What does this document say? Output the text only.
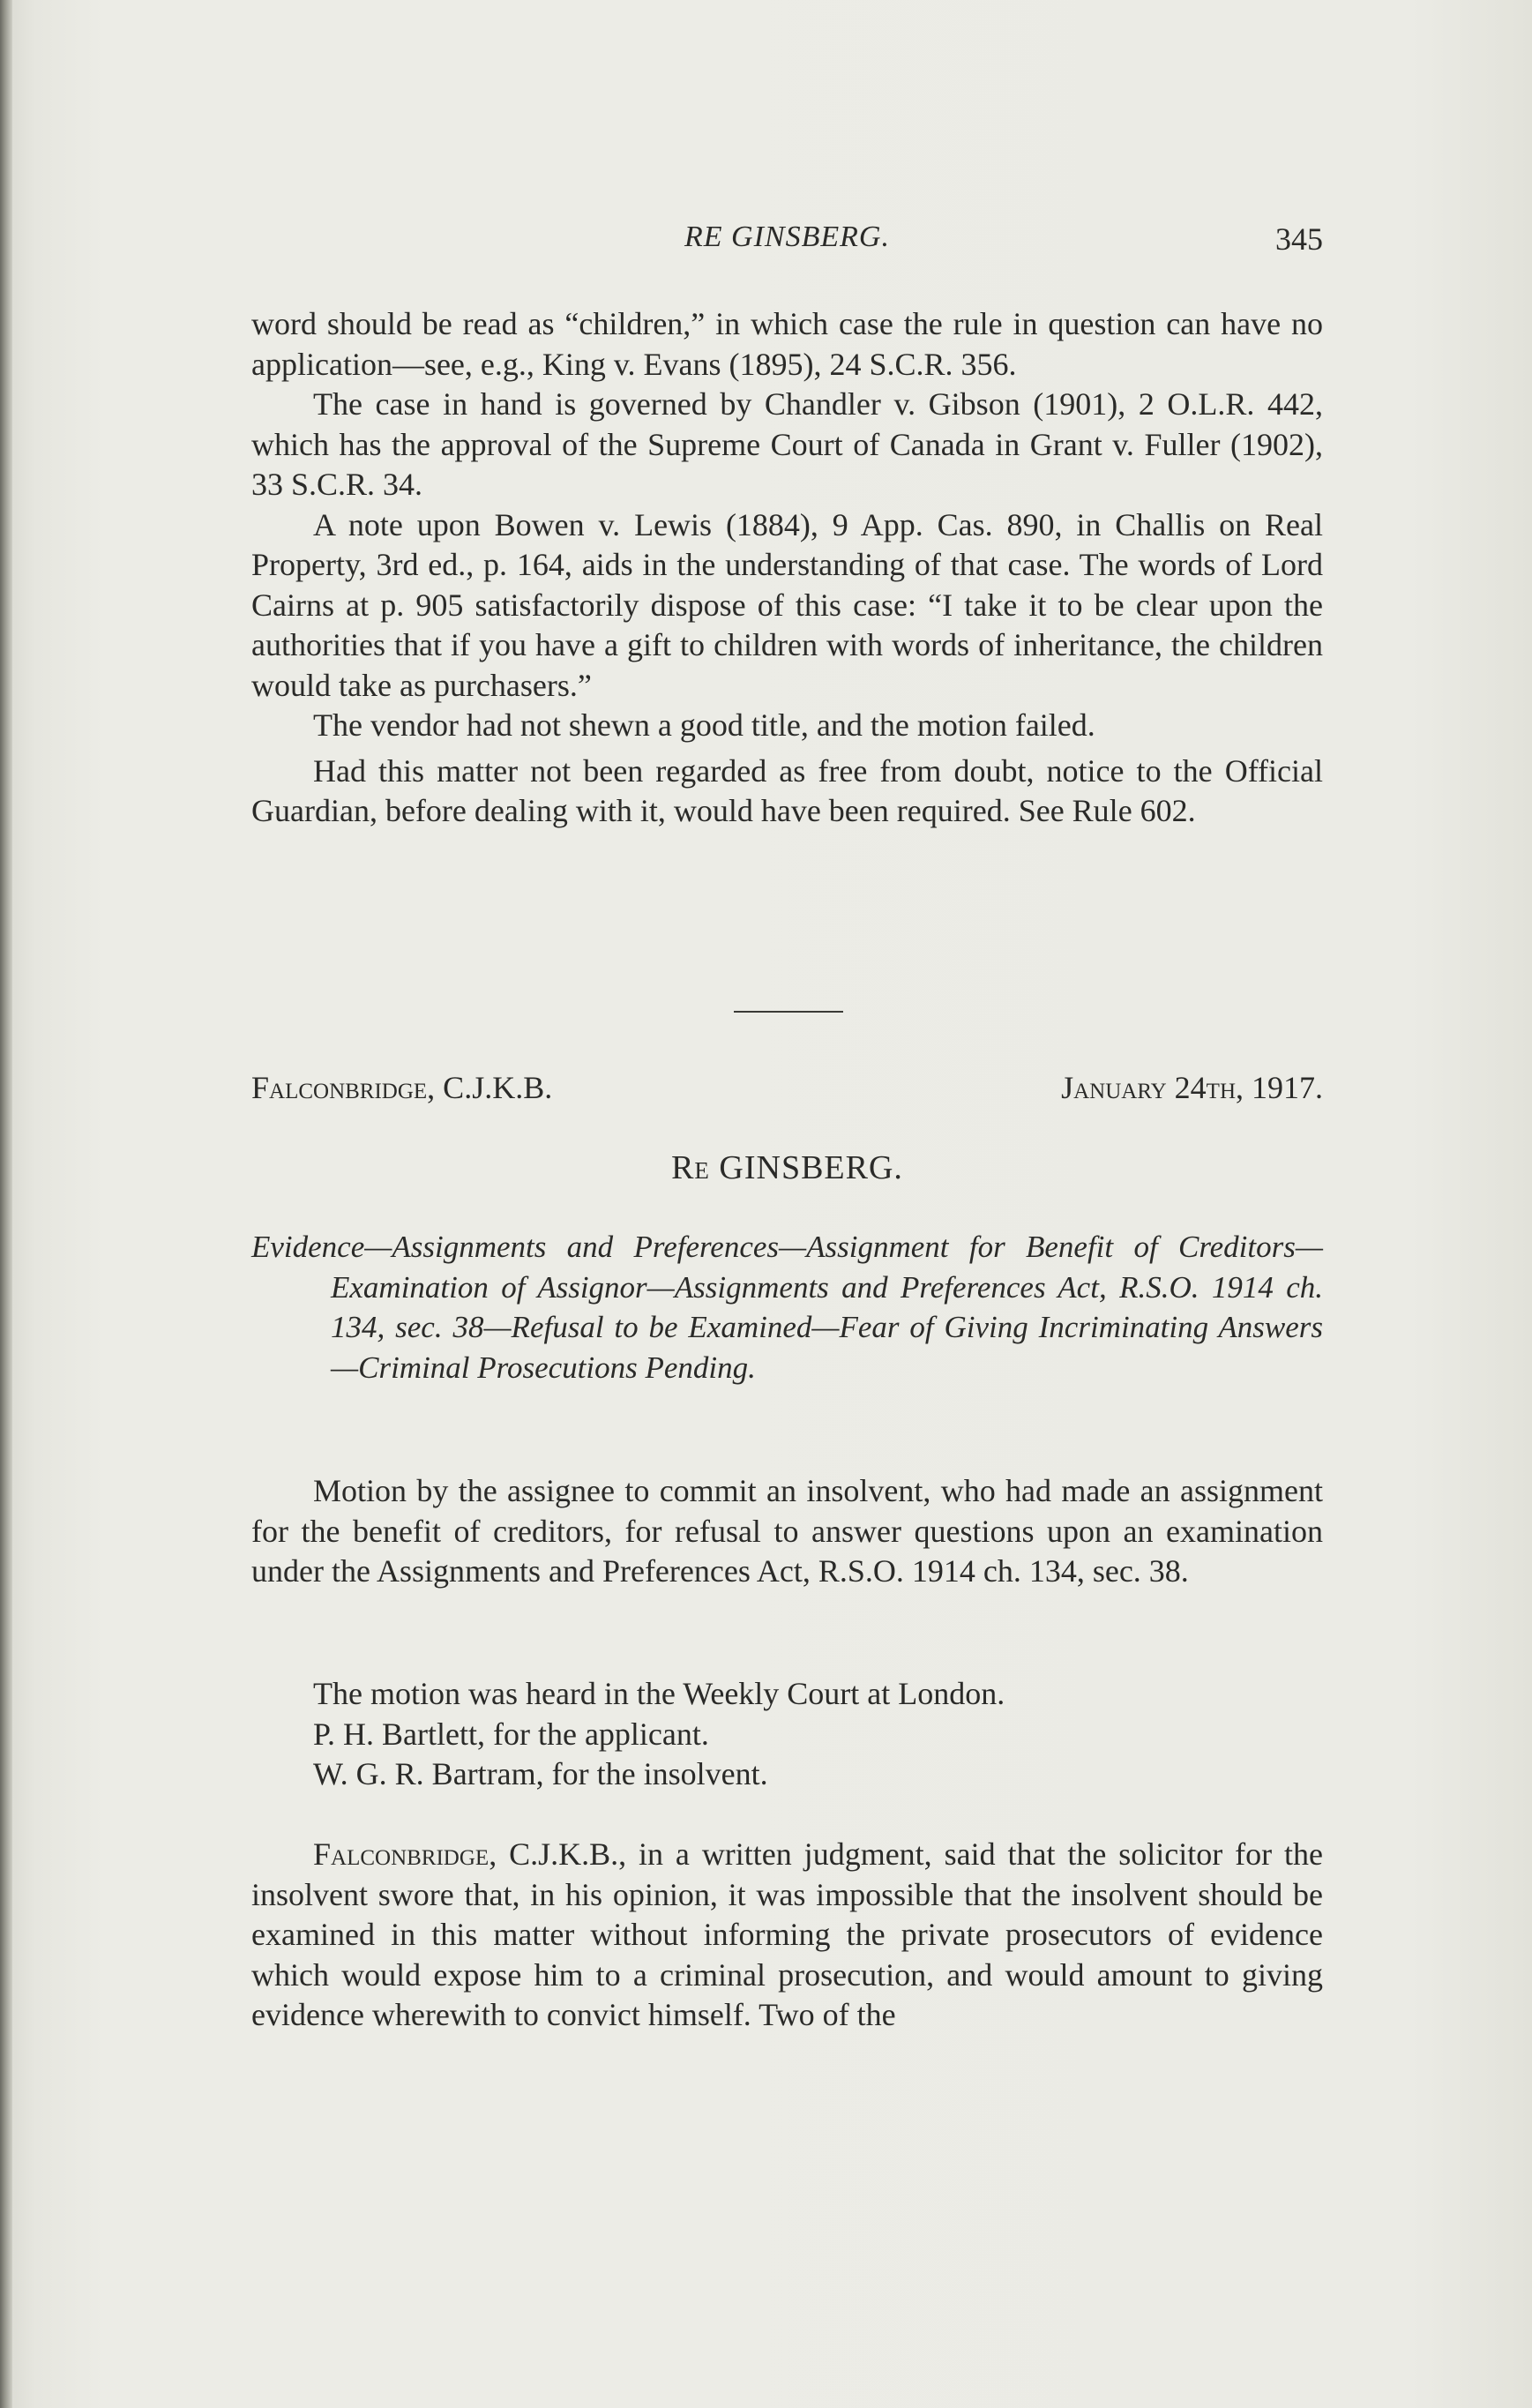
RE GINSBERG.	345

word should be read as “children,” in which case the rule in question can have no application—see, e.g., King v. Evans (1895), 24 S.C.R. 356.

The case in hand is governed by Chandler v. Gibson (1901), 2 O.L.R. 442, which has the approval of the Supreme Court of Canada in Grant v. Fuller (1902), 33 S.C.R. 34.

A note upon Bowen v. Lewis (1884), 9 App. Cas. 890, in Challis on Real Property, 3rd ed., p. 164, aids in the understanding of that case. The words of Lord Cairns at p. 905 satisfactorily dispose of this case: “I take it to be clear upon the authorities that if you have a gift to children with words of inheritance, the children would take as purchasers.”

The vendor had not shewn a good title, and the motion failed.

Had this matter not been regarded as free from doubt, notice to the Official Guardian, before dealing with it, would have been required. See Rule 602.

Falconbridge, C.J.K.B.	January 24th, 1917.
Re GINSBERG.
Evidence—Assignments and Preferences—Assignment for Benefit of Creditors—Examination of Assignor—Assignments and Preferences Act, R.S.O. 1914 ch. 134, sec. 38—Refusal to be Examined—Fear of Giving Incriminating Answers—Criminal Prosecutions Pending.

Motion by the assignee to commit an insolvent, who had made an assignment for the benefit of creditors, for refusal to answer questions upon an examination under the Assignments and Preferences Act, R.S.O. 1914 ch. 134, sec. 38.

The motion was heard in the Weekly Court at London.
P. H. Bartlett, for the applicant.
W. G. R. Bartram, for the insolvent.

Falconbridge, C.J.K.B., in a written judgment, said that the solicitor for the insolvent swore that, in his opinion, it was impossible that the insolvent should be examined in this matter without informing the private prosecutors of evidence which would expose him to a criminal prosecution, and would amount to giving evidence wherewith to convict himself. Two of the
